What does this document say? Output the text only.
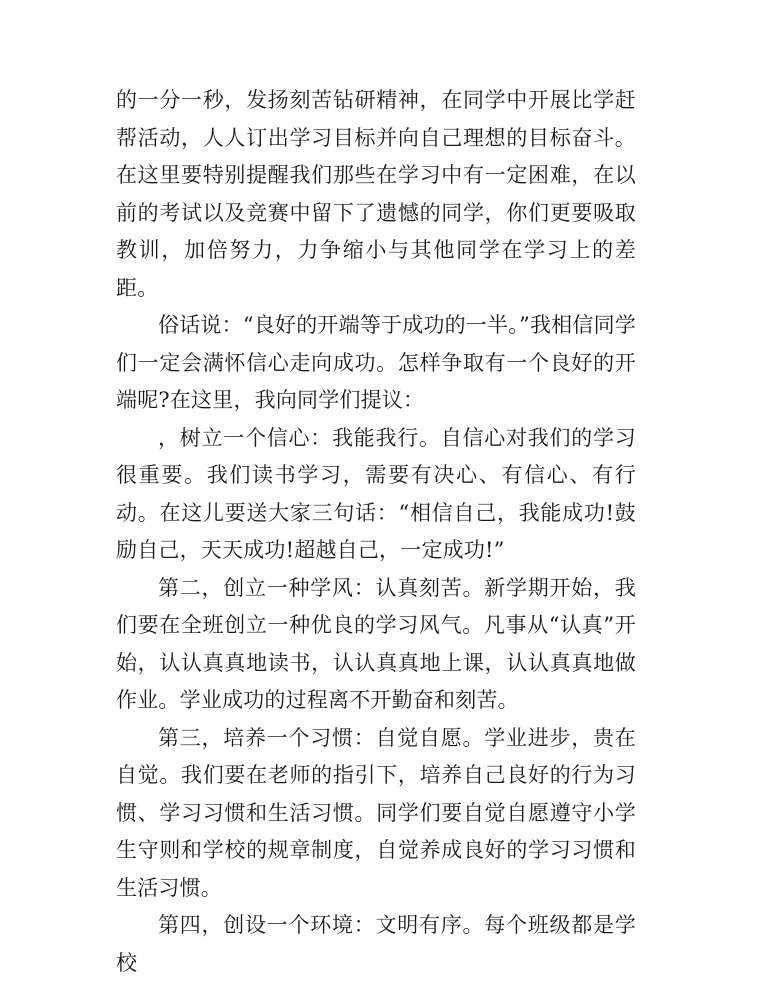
的一分一秒，发扬刻苦钻研精神，在同学中开展比学赶帮活动，人人订出学习目标并向自己理想的目标奋斗。在这里要特别提醒我们那些在学习中有一定困难，在以前的考试以及竞赛中留下了遗憾的同学，你们更要吸取教训，加倍努力，力争缩小与其他同学在学习上的差距。

俗话说：“良好的开端等于成功的一半。”我相信同学们一定会满怀信心走向成功。怎样争取有一个良好的开端呢?在这里，我向同学们提议：

，树立一个信心：我能我行。自信心对我们的学习很重要。我们读书学习，需要有决心、有信心、有行动。在这儿要送大家三句话：“相信自己，我能成功!鼓励自己，天天成功!超越自己，一定成功!”

第二，创立一种学风：认真刻苦。新学期开始，我们要在全班创立一种优良的学习风气。凡事从“认真”开始，认认真真地读书，认认真真地上课，认认真真地做作业。学业成功的过程离不开勤奋和刻苦。

第三，培养一个习惯：自觉自愿。学业进步，贵在自觉。我们要在老师的指引下，培养自己良好的行为习惯、学习习惯和生活习惯。同学们要自觉自愿遵守小学生守则和学校的规章制度，自觉养成良好的学习习惯和生活习惯。

第四，创设一个环境：文明有序。每个班级都是学校
